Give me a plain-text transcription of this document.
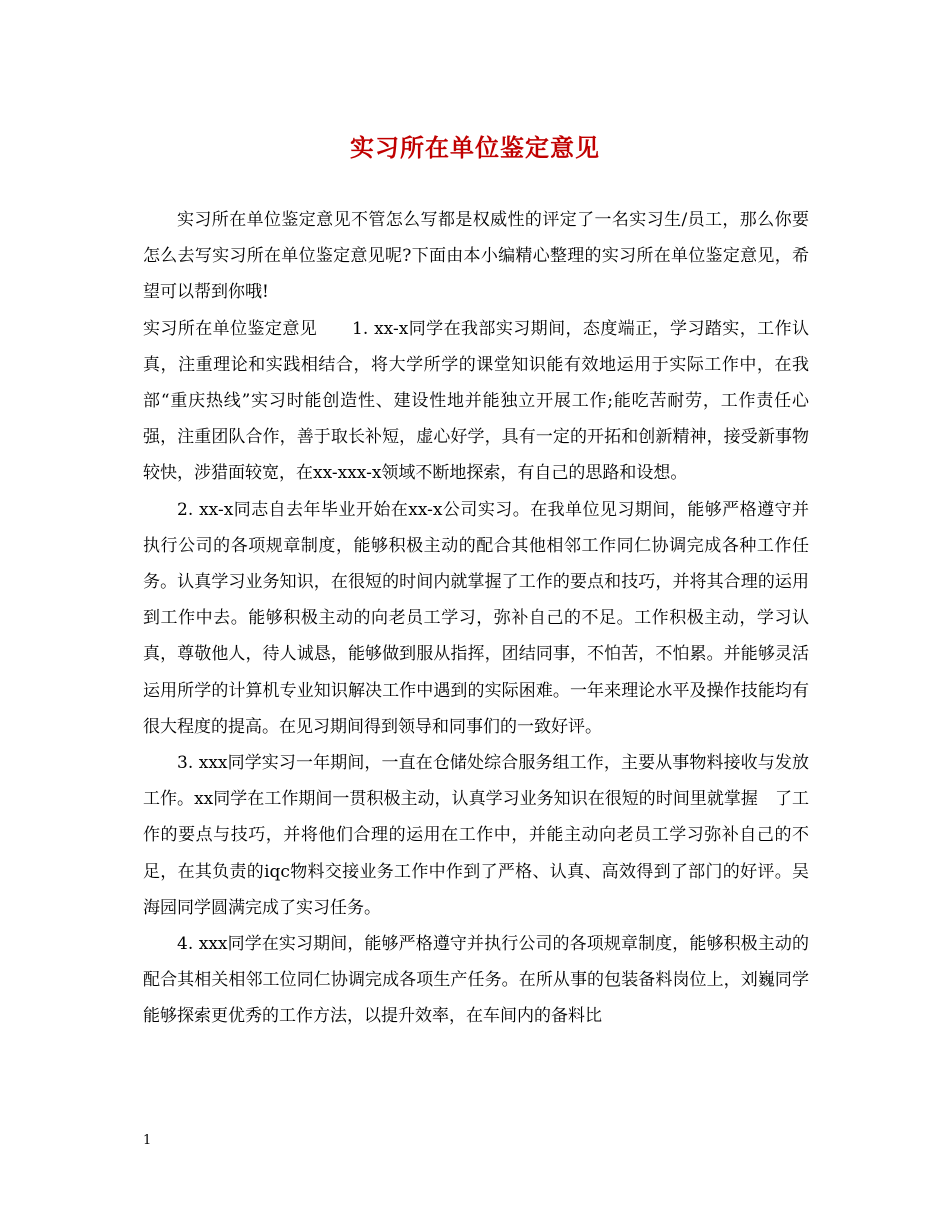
实习所在单位鉴定意见

实习所在单位鉴定意见不管怎么写都是权威性的评定了一名实习生/员工，那么你要怎么去写实习所在单位鉴定意见呢?下面由本小编精心整理的实习所在单位鉴定意见，希望可以帮到你哦!

实习所在单位鉴定意见　　1. xx-x同学在我部实习期间，态度端正，学习踏实，工作认真，注重理论和实践相结合，将大学所学的课堂知识能有效地运用于实际工作中，在我部“重庆热线”实习时能创造性、建设性地并能独立开展工作;能吃苦耐劳，工作责任心强，注重团队合作，善于取长补短，虚心好学，具有一定的开拓和创新精神，接受新事物较快，涉猎面较宽，在xx-xxx-x领域不断地探索，有自己的思路和设想。

2. xx-x同志自去年毕业开始在xx-x公司实习。在我单位见习期间，能够严格遵守并执行公司的各项规章制度，能够积极主动的配合其他相邻工作同仁协调完成各种工作任务。认真学习业务知识，在很短的时间内就掌握了工作的要点和技巧，并将其合理的运用到工作中去。能够积极主动的向老员工学习，弥补自己的不足。工作积极主动，学习认真，尊敬他人，待人诚恳，能够做到服从指挥，团结同事，不怕苦，不怕累。并能够灵活运用所学的计算机专业知识解决工作中遇到的实际困难。一年来理论水平及操作技能均有很大程度的提高。在见习期间得到领导和同事们的一致好评。

3. xxx同学实习一年期间，一直在仓储处综合服务组工作，主要从事物料接收与发放工作。xx同学在工作期间一贯积极主动，认真学习业务知识在很短的时间里就掌握　了工作的要点与技巧，并将他们合理的运用在工作中，并能主动向老员工学习弥补自己的不足，在其负责的iqc物料交接业务工作中作到了严格、认真、高效得到了部门的好评。吴海园同学圆满完成了实习任务。

4. xxx同学在实习期间，能够严格遵守并执行公司的各项规章制度，能够积极主动的配合其相关相邻工位同仁协调完成各项生产任务。在所从事的包装备料岗位上，刘巍同学能够探索更优秀的工作方法，以提升效率，在车间内的备料比

1
